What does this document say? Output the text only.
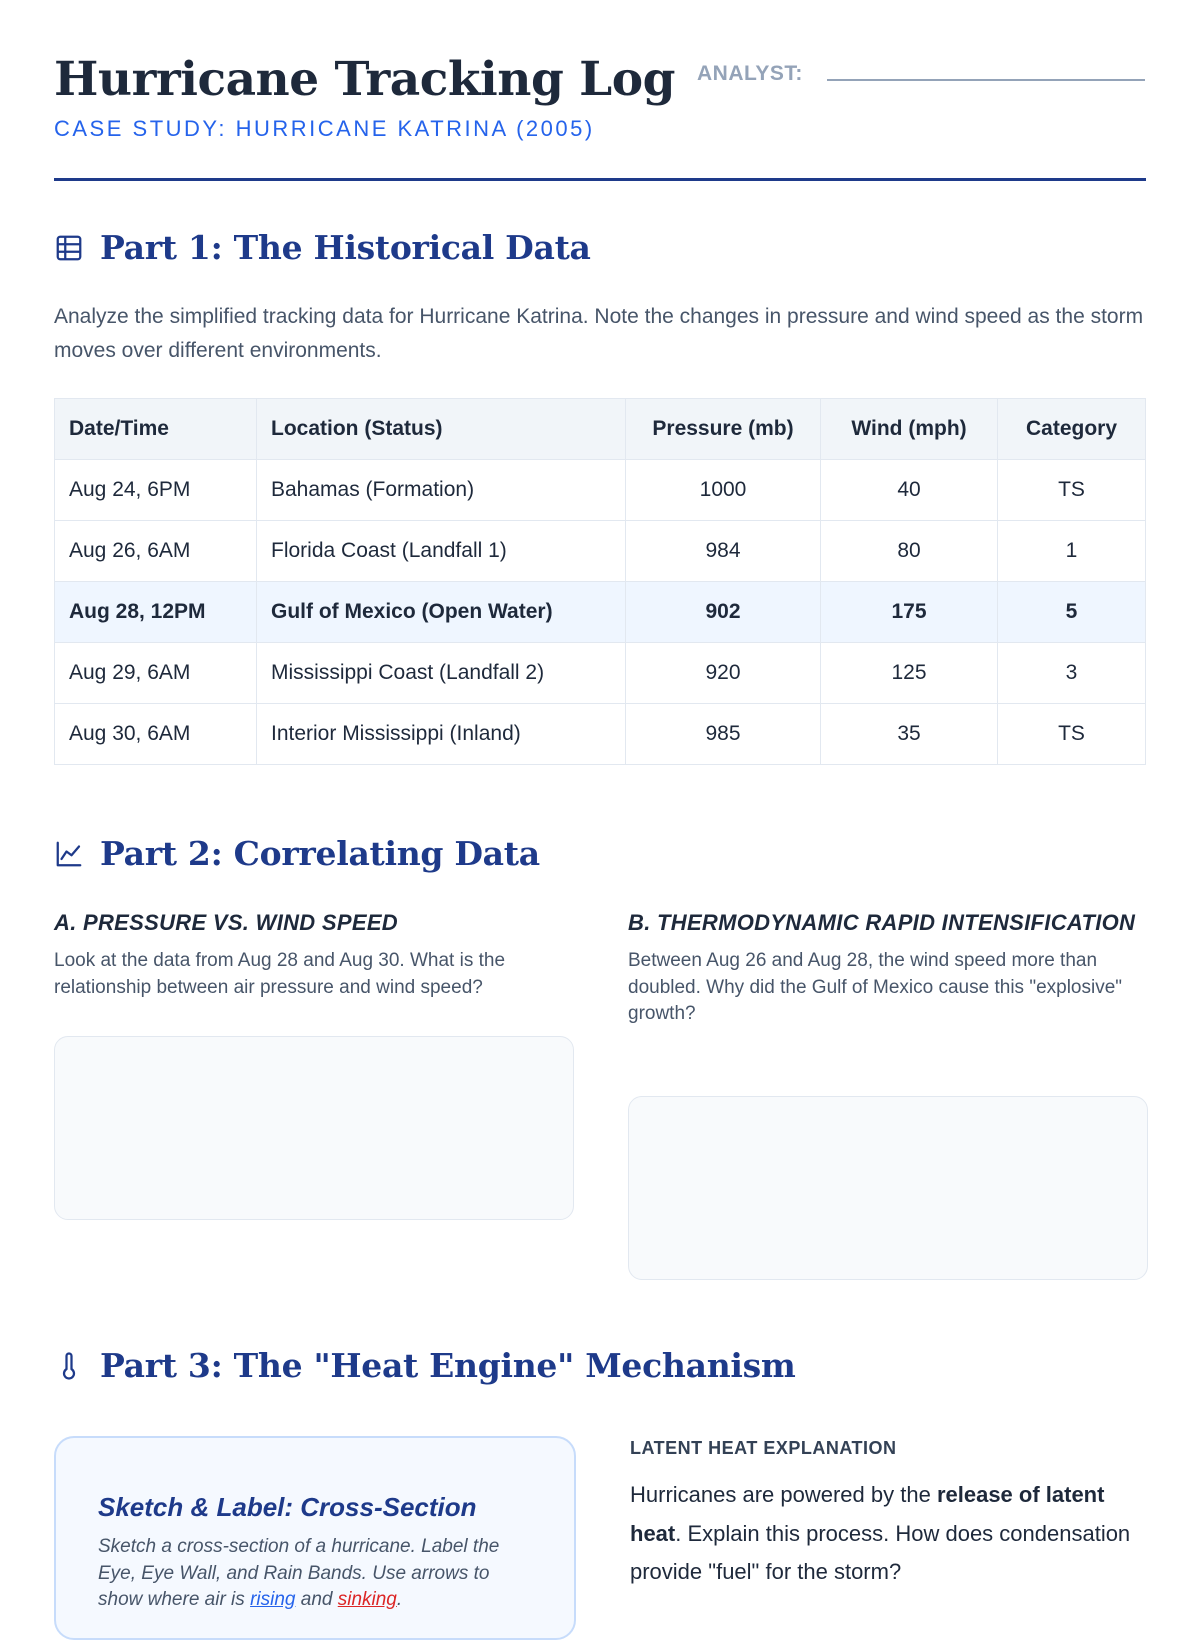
Hurricane Tracking Log
CASE STUDY: HURRICANE KATRINA (2005)
ANALYST:
Part 1: The Historical Data

Analyze the simplified tracking data for Hurricane Katrina. Note the changes in pressure and wind speed as the storm moves over different environments.

Date/Time	Location (Status)	Pressure (mb)	Wind (mph)	Category
Aug 24, 6PM	Bahamas (Formation)	1000	40	TS
Aug 26, 6AM	Florida Coast (Landfall 1)	984	80	1
Aug 28, 12PM	Gulf of Mexico (Open Water)	902	175	5
Aug 29, 6AM	Mississippi Coast (Landfall 2)	920	125	3
Aug 30, 6AM	Interior Mississippi (Inland)	985	35	TS
Part 2: Correlating Data

A. PRESSURE VS. WIND SPEED

Look at the data from Aug 28 and Aug 30. What is the relationship between air pressure and wind speed?

B. THERMODYNAMIC RAPID INTENSIFICATION

Between Aug 26 and Aug 28, the wind speed more than doubled. Why did the Gulf of Mexico cause this "explosive" growth?

Part 3: The "Heat Engine" Mechanism

Sketch & Label: Cross-Section

Sketch a cross-section of a hurricane. Label the Eye, Eye Wall, and Rain Bands. Use arrows to show where air is rising and sinking.

LATENT HEAT EXPLANATION

Hurricanes are powered by the release of latent heat. Explain this process. How does condensation provide "fuel" for the storm?
